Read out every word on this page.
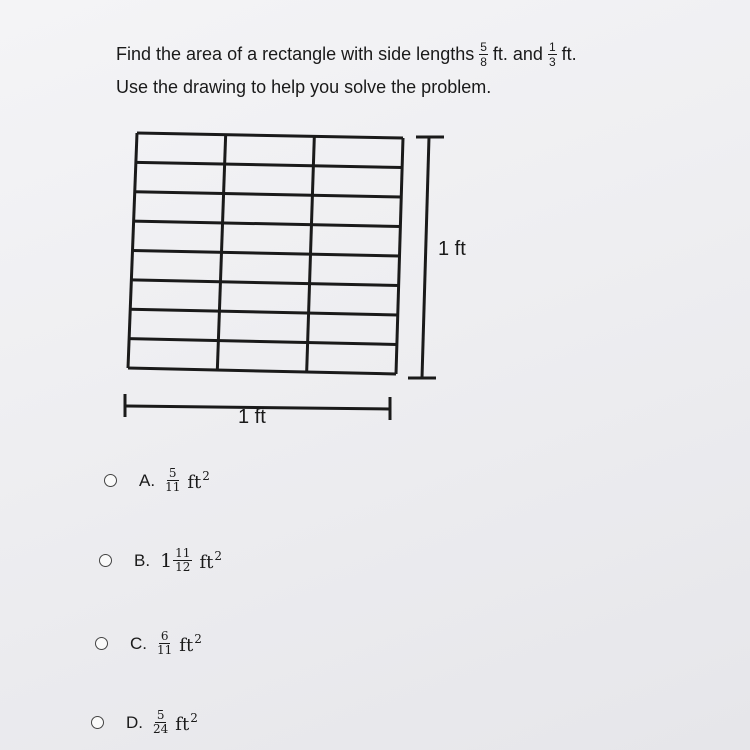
Find the area of a rectangle with side lengths $\frac{5}{8}$ ft. and $\frac{1}{3}$ ft.
Use the drawing to help you solve the problem.
1 ft
1 ft
A. $\frac{5}{11} ft^2$
B. $1 \frac{11}{12} ft^2$
C. $\frac{6}{11} ft^2$
D. $\frac{5}{24} ft^2$
